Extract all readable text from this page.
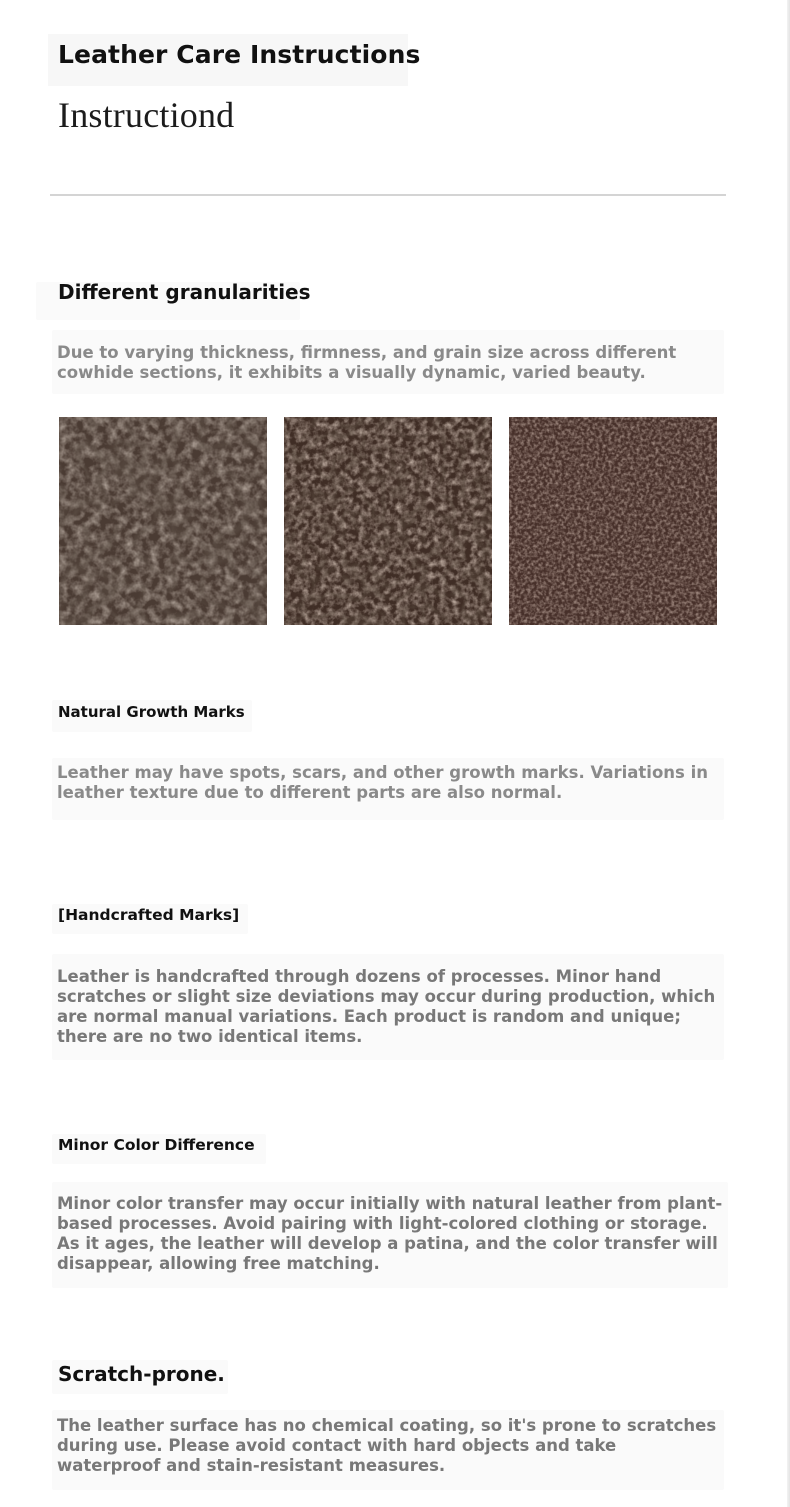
Leather Care Instructions
Instructiond
Different granularities

Due to varying thickness, firmness, and grain size across different cowhide sections, it exhibits a visually dynamic, varied beauty.

Natural Growth Marks

Leather may have spots, scars, and other growth marks. Variations in leather texture due to different parts are also normal.

[Handcrafted Marks]

Leather is handcrafted through dozens of processes. Minor hand scratches or slight size deviations may occur during production, which are normal manual variations. Each product is random and unique; there are no two identical items.

Minor Color Difference

Minor color transfer may occur initially with natural leather from plant-based processes. Avoid pairing with light-colored clothing or storage. As it ages, the leather will develop a patina, and the color transfer will disappear, allowing free matching.

Scratch-prone.

The leather surface has no chemical coating, so it's prone to scratches during use. Please avoid contact with hard objects and take waterproof and stain-resistant measures.
